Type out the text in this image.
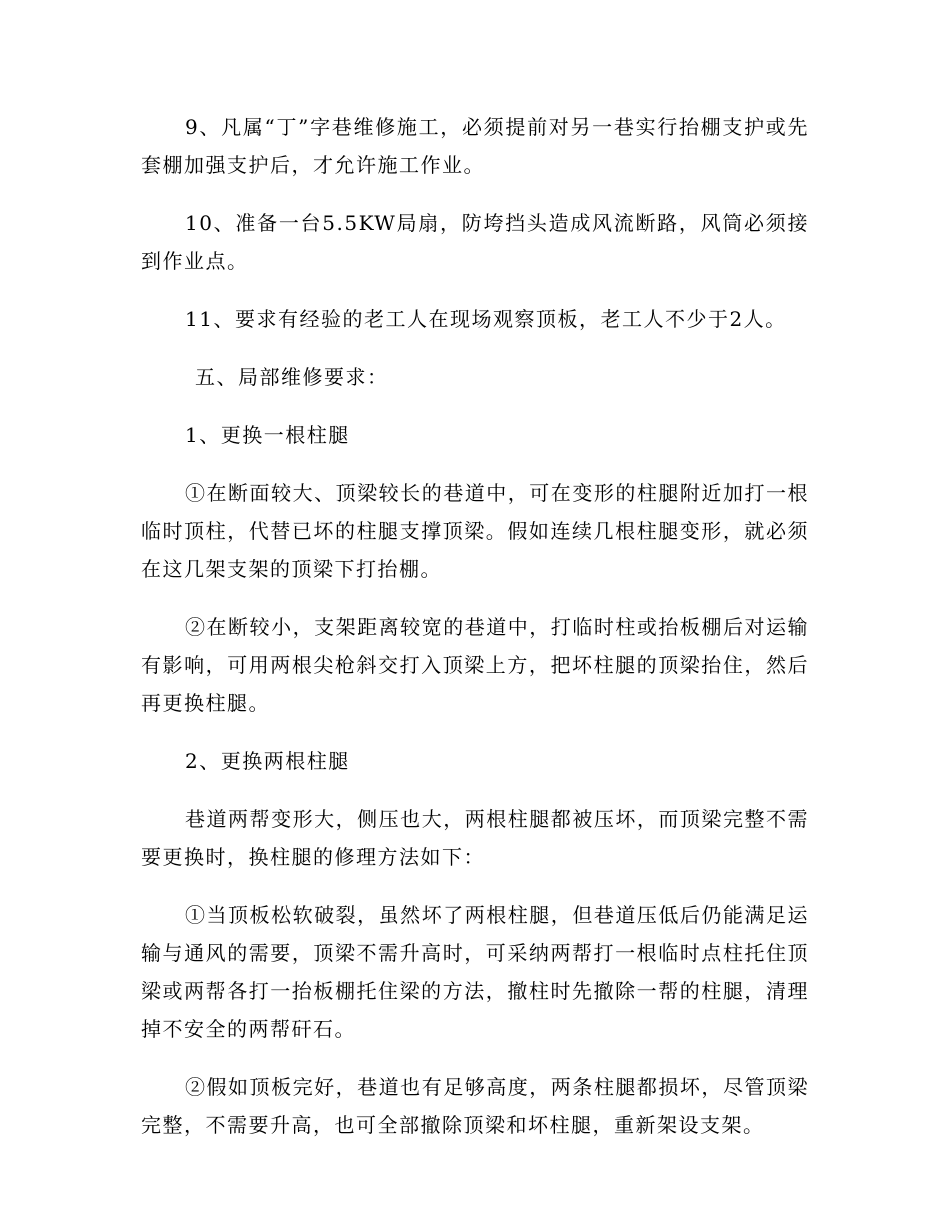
9、凡属“丁”字巷维修施工，必须提前对另一巷实行抬棚支护或先套棚加强支护后，才允许施工作业。

10、准备一台5.5KW局扇，防垮挡头造成风流断路，风筒必须接到作业点。

11、要求有经验的老工人在现场观察顶板，老工人不少于2人。

五、局部维修要求：

1、更换一根柱腿

①在断面较大、顶梁较长的巷道中，可在变形的柱腿附近加打一根临时顶柱，代替已坏的柱腿支撑顶梁。假如连续几根柱腿变形，就必须在这几架支架的顶梁下打抬棚。

②在断较小，支架距离较宽的巷道中，打临时柱或抬板棚后对运输有影响，可用两根尖枪斜交打入顶梁上方，把坏柱腿的顶梁抬住，然后再更换柱腿。

2、更换两根柱腿

巷道两帮变形大，侧压也大，两根柱腿都被压坏，而顶梁完整不需要更换时，换柱腿的修理方法如下：

①当顶板松软破裂，虽然坏了两根柱腿，但巷道压低后仍能满足运输与通风的需要，顶梁不需升高时，可采纳两帮打一根临时点柱托住顶梁或两帮各打一抬板棚托住梁的方法，撤柱时先撤除一帮的柱腿，清理掉不安全的两帮矸石。

②假如顶板完好，巷道也有足够高度，两条柱腿都损坏，尽管顶梁完整，不需要升高，也可全部撤除顶梁和坏柱腿，重新架设支架。
